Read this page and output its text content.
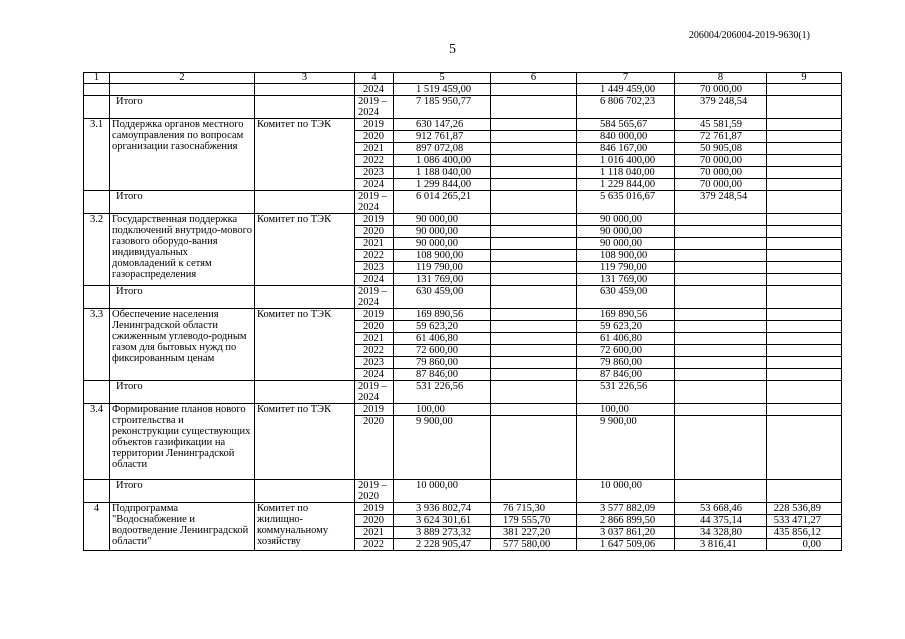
206004/206004-2019-9630(1)
5
1	2	3	4	5	6	7	8	9
			2024	1 519 459,00		1 449 459,00	70 000,00	
	Итого		2019 – 2024	7 185 950,77		6 806 702,23	379 248,54	
3.1	Поддержка органов местного самоуправления по вопросам организации газоснабжения	Комитет по ТЭК	2019	630 147,26		584 565,67	45 581,59	
			2020	912 761,87		840 000,00	72 761,87	
			2021	897 072,08		846 167,00	50 905,08	
			2022	1 086 400,00		1 016 400,00	70 000,00	
			2023	1 188 040,00		1 118 040,00	70 000,00	
			2024	1 299 844,00		1 229 844,00	70 000,00	
	Итого		2019 – 2024	6 014 265,21		5 635 016,67	379 248,54	
3.2	Государственная поддержка подключений внутридо-мового газового оборудо-вания индивидуальных домовладений к сетям газораспределения	Комитет по ТЭК	2019	90 000,00		90 000,00		
			2020	90 000,00		90 000,00		
			2021	90 000,00		90 000,00		
			2022	108 900,00		108 900,00		
			2023	119 790,00		119 790,00		
			2024	131 769,00		131 769,00		
	Итого		2019 – 2024	630 459,00		630 459,00		
3.3	Обеспечение населения Ленинградской области сжиженным углеводо-родным газом для бытовых нужд по фиксированным ценам	Комитет по ТЭК	2019	169 890,56		169 890,56		
			2020	59 623,20		59 623,20		
			2021	61 406,80		61 406,80		
			2022	72 600,00		72 600,00		
			2023	79 860,00		79 860,00		
			2024	87 846,00		87 846,00		
	Итого		2019 – 2024	531 226,56		531 226,56		
3.4	Формирование планов нового строительства и реконструкции существующих объектов газификации на территории Ленинградской области	Комитет по ТЭК	2019	100,00		100,00		
			2020	9 900,00		9 900,00		
	Итого		2019 – 2020	10 000,00		10 000,00		
4	Подпрограмма "Водоснабжение и водоотведение Ленинградской области"	Комитет по жилищно-коммунальному хозяйству	2019	3 936 802,74	76 715,30	3 577 882,09	53 668,46	228 536,89
			2020	3 624 301,61	179 555,70	2 866 899,50	44 375,14	533 471,27
			2021	3 889 273,32	381 227,20	3 037 861,20	34 328,80	435 856,12
			2022	2 228 905,47	577 580,00	1 647 509,06	3 816,41	0,00
